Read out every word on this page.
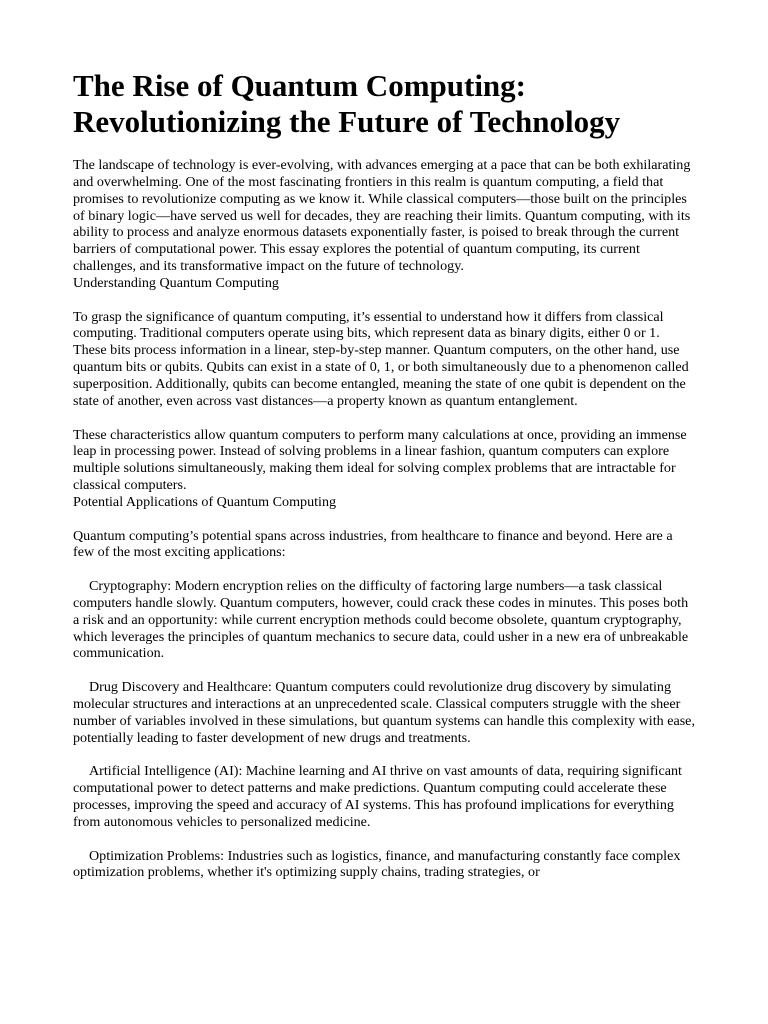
The Rise of Quantum Computing:
Revolutionizing the Future of Technology

The landscape of technology is ever-evolving, with advances emerging at a pace that can be both exhilarating and overwhelming. One of the most fascinating frontiers in this realm is quantum computing, a field that promises to revolutionize computing as we know it. While classical computers—those built on the principles of binary logic—have served us well for decades, they are reaching their limits. Quantum computing, with its ability to process and analyze enormous datasets exponentially faster, is poised to break through the current barriers of computational power. This essay explores the potential of quantum computing, its current challenges, and its transformative impact on the future of technology.

Understanding Quantum Computing

To grasp the significance of quantum computing, it’s essential to understand how it differs from classical computing. Traditional computers operate using bits, which represent data as binary digits, either 0 or 1. These bits process information in a linear, step-by-step manner. Quantum computers, on the other hand, use quantum bits or qubits. Qubits can exist in a state of 0, 1, or both simultaneously due to a phenomenon called superposition. Additionally, qubits can become entangled, meaning the state of one qubit is dependent on the state of another, even across vast distances—a property known as quantum entanglement.

These characteristics allow quantum computers to perform many calculations at once, providing an immense leap in processing power. Instead of solving problems in a linear fashion, quantum computers can explore multiple solutions simultaneously, making them ideal for solving complex problems that are intractable for classical computers.

Potential Applications of Quantum Computing

Quantum computing’s potential spans across industries, from healthcare to finance and beyond. Here are a few of the most exciting applications:

Cryptography: Modern encryption relies on the difficulty of factoring large numbers—a task classical computers handle slowly. Quantum computers, however, could crack these codes in minutes. This poses both a risk and an opportunity: while current encryption methods could become obsolete, quantum cryptography, which leverages the principles of quantum mechanics to secure data, could usher in a new era of unbreakable communication.

Drug Discovery and Healthcare: Quantum computers could revolutionize drug discovery by simulating molecular structures and interactions at an unprecedented scale. Classical computers struggle with the sheer number of variables involved in these simulations, but quantum systems can handle this complexity with ease, potentially leading to faster development of new drugs and treatments.

Artificial Intelligence (AI): Machine learning and AI thrive on vast amounts of data, requiring significant computational power to detect patterns and make predictions. Quantum computing could accelerate these processes, improving the speed and accuracy of AI systems. This has profound implications for everything from autonomous vehicles to personalized medicine.

Optimization Problems: Industries such as logistics, finance, and manufacturing constantly face complex optimization problems, whether it's optimizing supply chains, trading strategies, or
